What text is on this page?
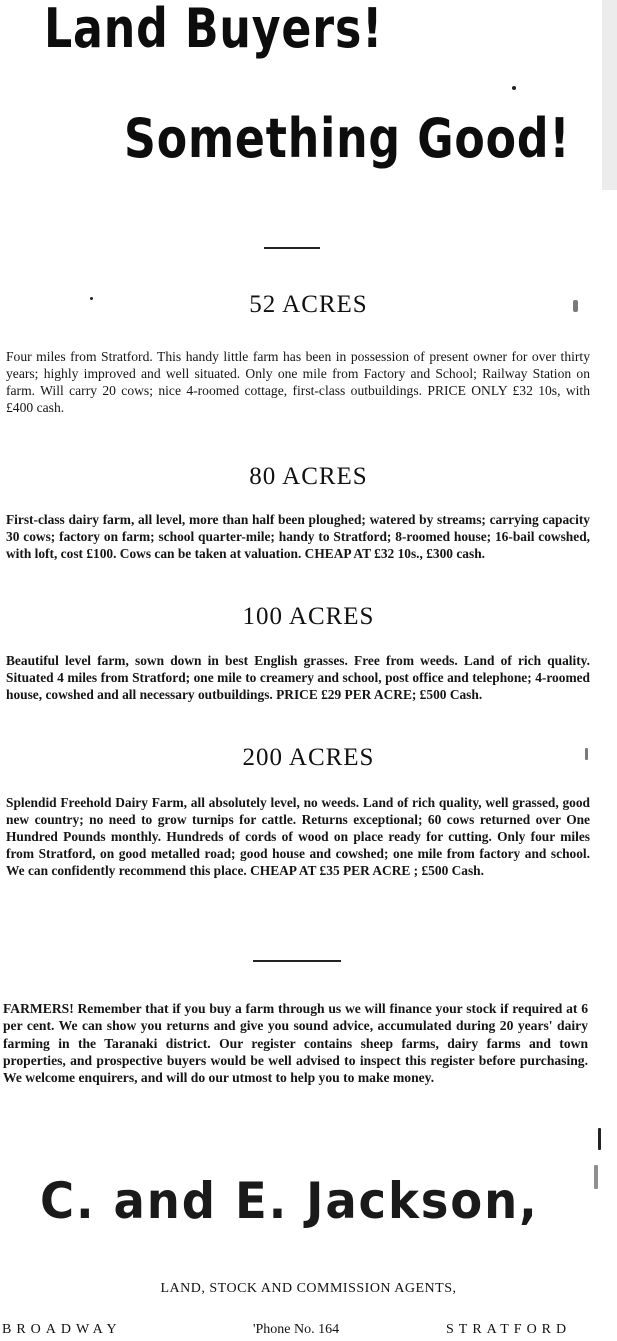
Land Buyers!
Something Good!
52 ACRES

Four miles from Stratford. This handy little farm has been in possession of present owner for over thirty years; highly improved and well situated. Only one mile from Factory and School; Railway Station on farm. Will carry 20 cows; nice 4-roomed cottage, first-class outbuildings. PRICE ONLY £32 10s, with £400 cash.

80 ACRES

First-class dairy farm, all level, more than half been ploughed; watered by streams; carrying capacity 30 cows; factory on farm; school quarter-mile; handy to Stratford; 8-roomed house; 16-bail cowshed, with loft, cost £100. Cows can be taken at valuation. CHEAP AT £32 10s., £300 cash.

100 ACRES

Beautiful level farm, sown down in best English grasses. Free from weeds. Land of rich quality. Situated 4 miles from Stratford; one mile to creamery and school, post office and telephone; 4-roomed house, cowshed and all necessary outbuildings. PRICE £29 PER ACRE; £500 Cash.

200 ACRES

Splendid Freehold Dairy Farm, all absolutely level, no weeds. Land of rich quality, well grassed, good new country; no need to grow turnips for cattle. Returns exceptional; 60 cows returned over One Hundred Pounds monthly. Hundreds of cords of wood on place ready for cutting. Only four miles from Stratford, on good metalled road; good house and cowshed; one mile from factory and school. We can confidently recommend this place. CHEAP AT £35 PER ACRE ; £500 Cash.

FARMERS! Remember that if you buy a farm through us we will finance your stock if required at 6 per cent. We can show you returns and give you sound advice, accumulated during 20 years' dairy farming in the Taranaki district. Our register contains sheep farms, dairy farms and town properties, and prospective buyers would be well advised to inspect this register before purchasing. We welcome enquirers, and will do our utmost to help you to make money.

C. and E. Jackson,

LAND, STOCK AND COMMISSION AGENTS,

BROADWAY	'Phone No. 164	STRATFORD
